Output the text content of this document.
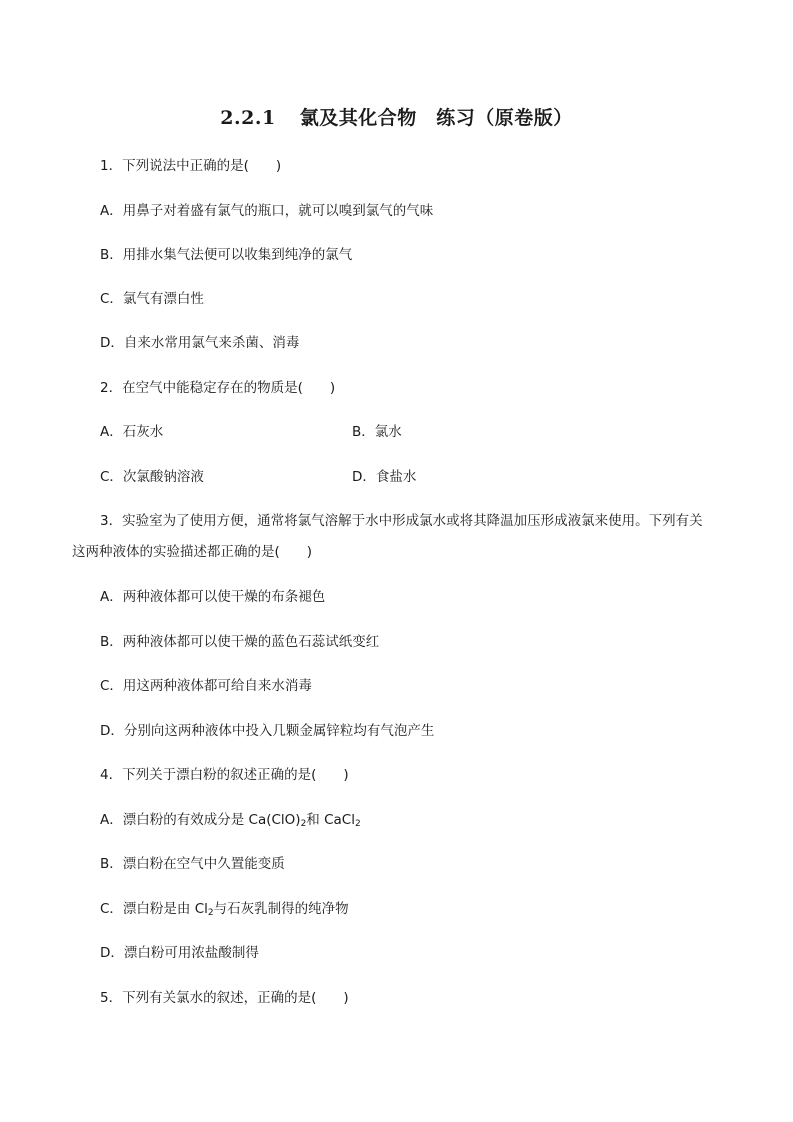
2.2.1 氯及其化合物　练习（原卷版）
1．下列说法中正确的是(　　)
A．用鼻子对着盛有氯气的瓶口，就可以嗅到氯气的气味
B．用排水集气法便可以收集到纯净的氯气
C．氯气有漂白性
D．自来水常用氯气来杀菌、消毒
2．在空气中能稳定存在的物质是(　　)
A．石灰水	B．氯水
C．次氯酸钠溶液	D．食盐水
3．实验室为了使用方便，通常将氯气溶解于水中形成氯水或将其降温加压形成液氯来使用。下列有关
这两种液体的实验描述都正确的是(　　)
A．两种液体都可以使干燥的布条褪色
B．两种液体都可以使干燥的蓝色石蕊试纸变红
C．用这两种液体都可给自来水消毒
D．分别向这两种液体中投入几颗金属锌粒均有气泡产生
4．下列关于漂白粉的叙述正确的是(　　)
A．漂白粉的有效成分是 $Ca(ClO)_2$和 CaCl$_2$
B．漂白粉在空气中久置能变质
C．漂白粉是由 $Cl_2$与石灰乳制得的纯净物
D．漂白粉可用浓盐酸制得
5．下列有关氯水的叙述，正确的是(　　)
